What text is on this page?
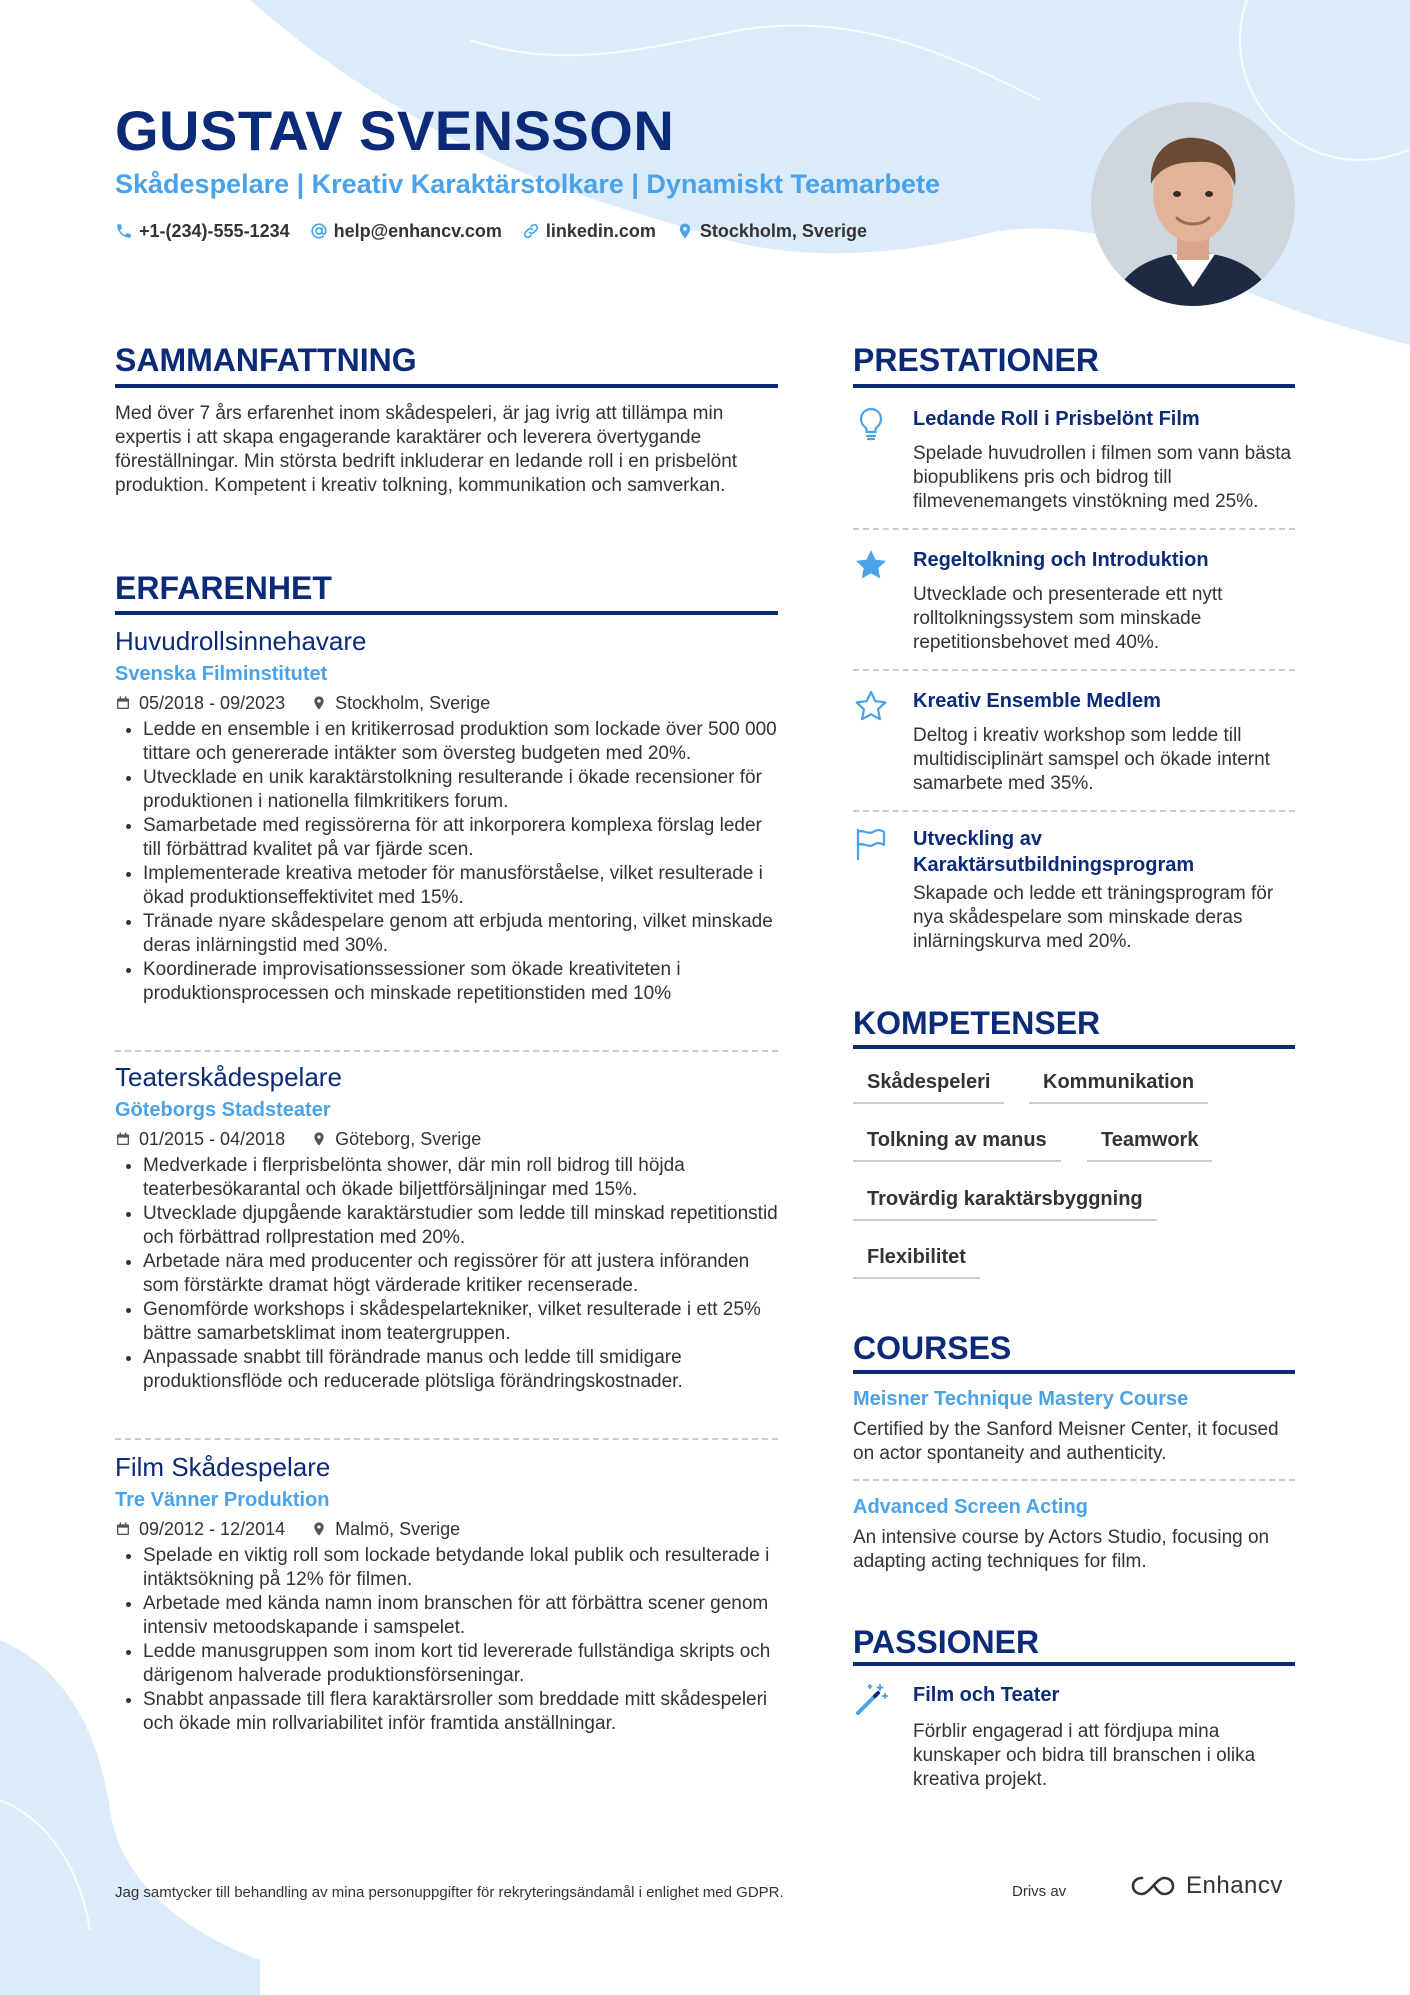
GUSTAV SVENSSON
Skådespelare | Kreativ Karaktärstolkare | Dynamiskt Teamarbete
+1-(234)-555-1234 help@enhancv.com linkedin.com Stockholm, Sverige
SAMMANFATTNING
Med över 7 års erfarenhet inom skådespeleri, är jag ivrig att tillämpa min expertis i att skapa engagerande karaktärer och leverera övertygande föreställningar. Min största bedrift inkluderar en ledande roll i en prisbelönt produktion. Kompetent i kreativ tolkning, kommunikation och samverkan.
ERFARENHET
Huvudrollsinnehavare
Svenska Filminstitutet
05/2018 - 09/2023	Stockholm, Sverige
• Ledde en ensemble i en kritikerrosad produktion som lockade över 500 000 tittare och genererade intäkter som översteg budgeten med 20%.
• Utvecklade en unik karaktärstolkning resulterande i ökade recensioner för produktionen i nationella filmkritikers forum.
• Samarbetade med regissörerna för att inkorporera komplexa förslag leder till förbättrad kvalitet på var fjärde scen.
• Implementerade kreativa metoder för manusförståelse, vilket resulterade i ökad produktionseffektivitet med 15%.
• Tränade nyare skådespelare genom att erbjuda mentoring, vilket minskade deras inlärningstid med 30%.
• Koordinerade improvisationssessioner som ökade kreativiteten i produktionsprocessen och minskade repetitionstiden med 10%
Teaterskådespelare
Göteborgs Stadsteater
01/2015 - 04/2018	Göteborg, Sverige
• Medverkade i flerprisbelönta shower, där min roll bidrog till höjda teaterbesökarantal och ökade biljettförsäljningar med 15%.
• Utvecklade djupgående karaktärstudier som ledde till minskad repetitionstid och förbättrad rollprestation med 20%.
• Arbetade nära med producenter och regissörer för att justera införanden som förstärkte dramat högt värderade kritiker recenserade.
• Genomförde workshops i skådespelartekniker, vilket resulterade i ett 25% bättre samarbetsklimat inom teatergruppen.
• Anpassade snabbt till förändrade manus och ledde till smidigare produktionsflöde och reducerade plötsliga förändringskostnader.
Film Skådespelare
Tre Vänner Produktion
09/2012 - 12/2014	Malmö, Sverige
• Spelade en viktig roll som lockade betydande lokal publik och resulterade i intäktsökning på 12% för filmen.
• Arbetade med kända namn inom branschen för att förbättra scener genom intensiv metoodskapande i samspelet.
• Ledde manusgruppen som inom kort tid levererade fullständiga skripts och därigenom halverade produktionsförseningar.
• Snabbt anpassade till flera karaktärsroller som breddade mitt skådespeleri och ökade min rollvariabilitet inför framtida anställningar.
PRESTATIONER
Ledande Roll i Prisbelönt Film
Spelade huvudrollen i filmen som vann bästa biopublikens pris och bidrog till filmevenemangets vinstökning med 25%.
Regeltolkning och Introduktion
Utvecklade och presenterade ett nytt rolltolkningssystem som minskade repetitionsbehovet med 40%.
Kreativ Ensemble Medlem
Deltog i kreativ workshop som ledde till multidisciplinärt samspel och ökade internt samarbete med 35%.
Utveckling av Karaktärsutbildningsprogram
Skapade och ledde ett träningsprogram för nya skådespelare som minskade deras inlärningskurva med 20%.
KOMPETENSER
Skådespeleri	Kommunikation
Tolkning av manus	Teamwork
Trovärdig karaktärsbyggning
Flexibilitet
COURSES
Meisner Technique Mastery Course
Certified by the Sanford Meisner Center, it focused on actor spontaneity and authenticity.
Advanced Screen Acting
An intensive course by Actors Studio, focusing on adapting acting techniques for film.
PASSIONER
Film och Teater
Förblir engagerad i att fördjupa mina kunskaper och bidra till branschen i olika kreativa projekt.
Jag samtycker till behandling av mina personuppgifter för rekryteringsändamål i enlighet med GDPR.	Drivs av	Enhancv
